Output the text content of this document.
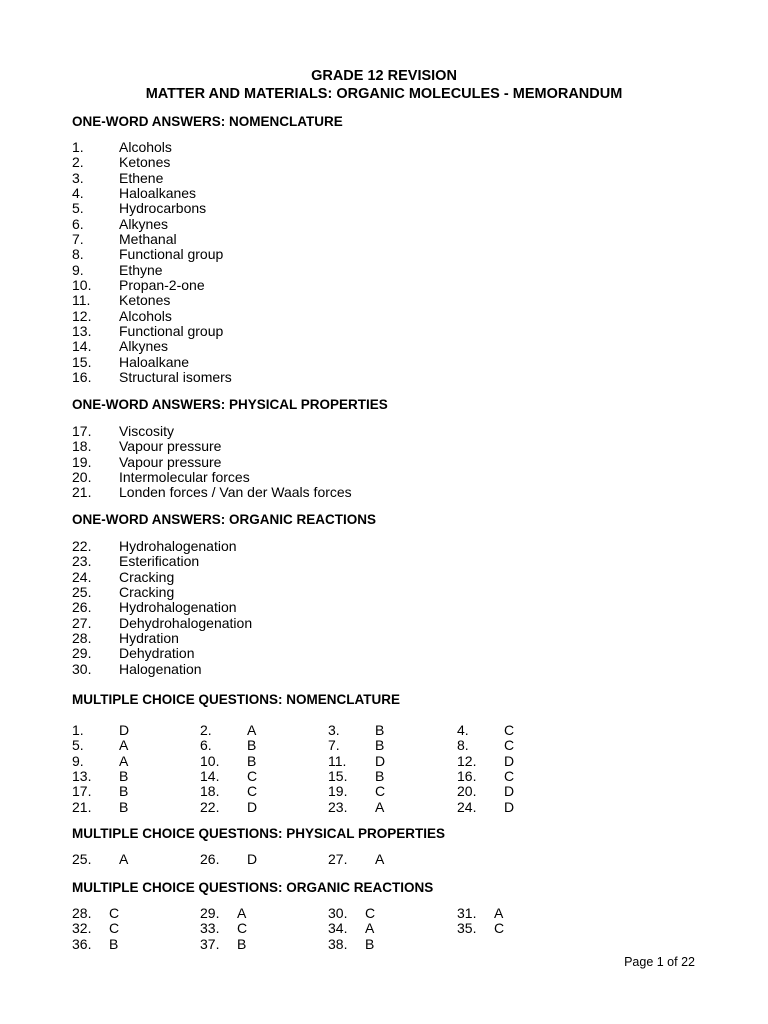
GRADE 12 REVISION
MATTER AND MATERIALS: ORGANIC MOLECULES - MEMORANDUM
ONE-WORD ANSWERS: NOMENCLATURE
1.	Alcohols
2.	Ketones
3.	Ethene
4.	Haloalkanes
5.	Hydrocarbons
6.	Alkynes
7.	Methanal
8.	Functional group
9.	Ethyne
10. Propan-2-one
11. Ketones
12. Alcohols
13. Functional group
14. Alkynes
15. Haloalkane
16. Structural isomers
ONE-WORD ANSWERS: PHYSICAL PROPERTIES
17. Viscosity
18. Vapour pressure
19. Vapour pressure
20. Intermolecular forces
21. Londen forces / Van der Waals forces
ONE-WORD ANSWERS: ORGANIC REACTIONS
22. Hydrohalogenation
23. Esterification
24. Cracking
25. Cracking
26. Hydrohalogenation
27. Dehydrohalogenation
28. Hydration
29. Dehydration
30. Halogenation
MULTIPLE CHOICE QUESTIONS: NOMENCLATURE
1.	D	2.	A	3.	B	4.	C
5.	A	6.	B	7.	B	8.	C
9.	A	10. B	11. D	12. D
13. B	14. C	15. B	16. C
17. B	18. C	19. C	20. D
21. B	22. D	23. A	24. D
MULTIPLE CHOICE QUESTIONS: PHYSICAL PROPERTIES
25. A	26. D	27. A
MULTIPLE CHOICE QUESTIONS: ORGANIC REACTIONS
28. C	29. A	30. C	31. A
32. C	33. C	34. A	35. C
36. B	37. B	38. B
Page 1 of 22
